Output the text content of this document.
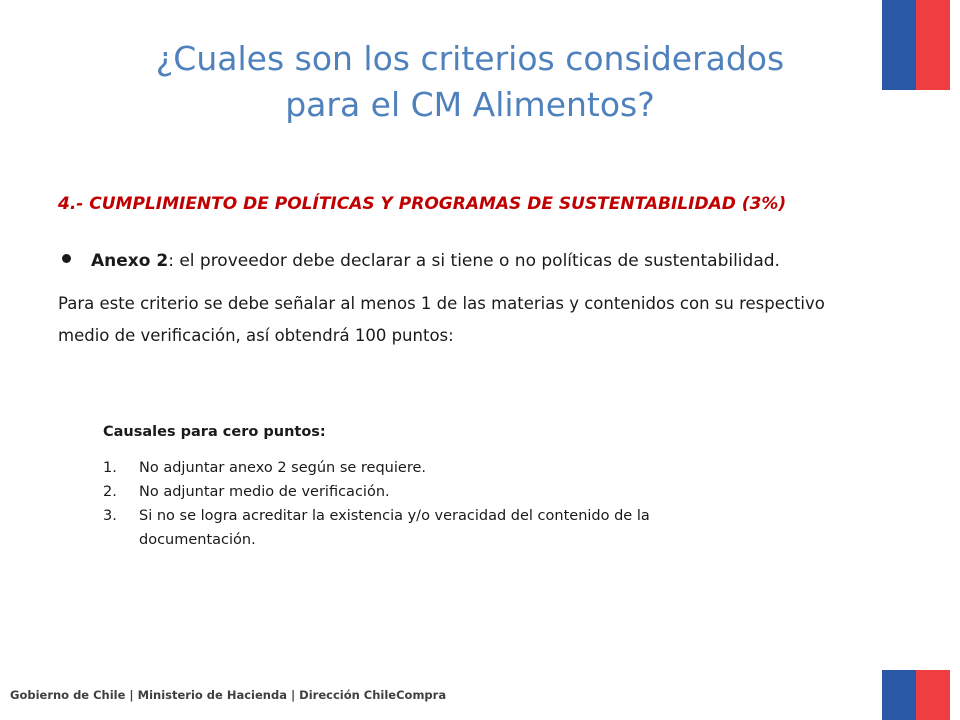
¿Cuales son los criterios considerados
para el CM Alimentos?
4.- CUMPLIMIENTO DE POLÍTICAS Y PROGRAMAS DE SUSTENTABILIDAD (3%)
Anexo 2 : el proveedor debe declarar a si tiene o no políticas de sustentabilidad.

Para este criterio se debe señalar al menos 1 de las materias y contenidos con su respectivo medio de verificación, así obtendrá 100 puntos:

Causales para cero puntos:

1.	No adjuntar anexo 2 según se requiere.
2.	No adjuntar medio de verificación.
3.	Si no se logra acreditar la existencia y/o veracidad del contenido de la documentación.
Gobierno de Chile | Ministerio de Hacienda | Dirección ChileCompra
